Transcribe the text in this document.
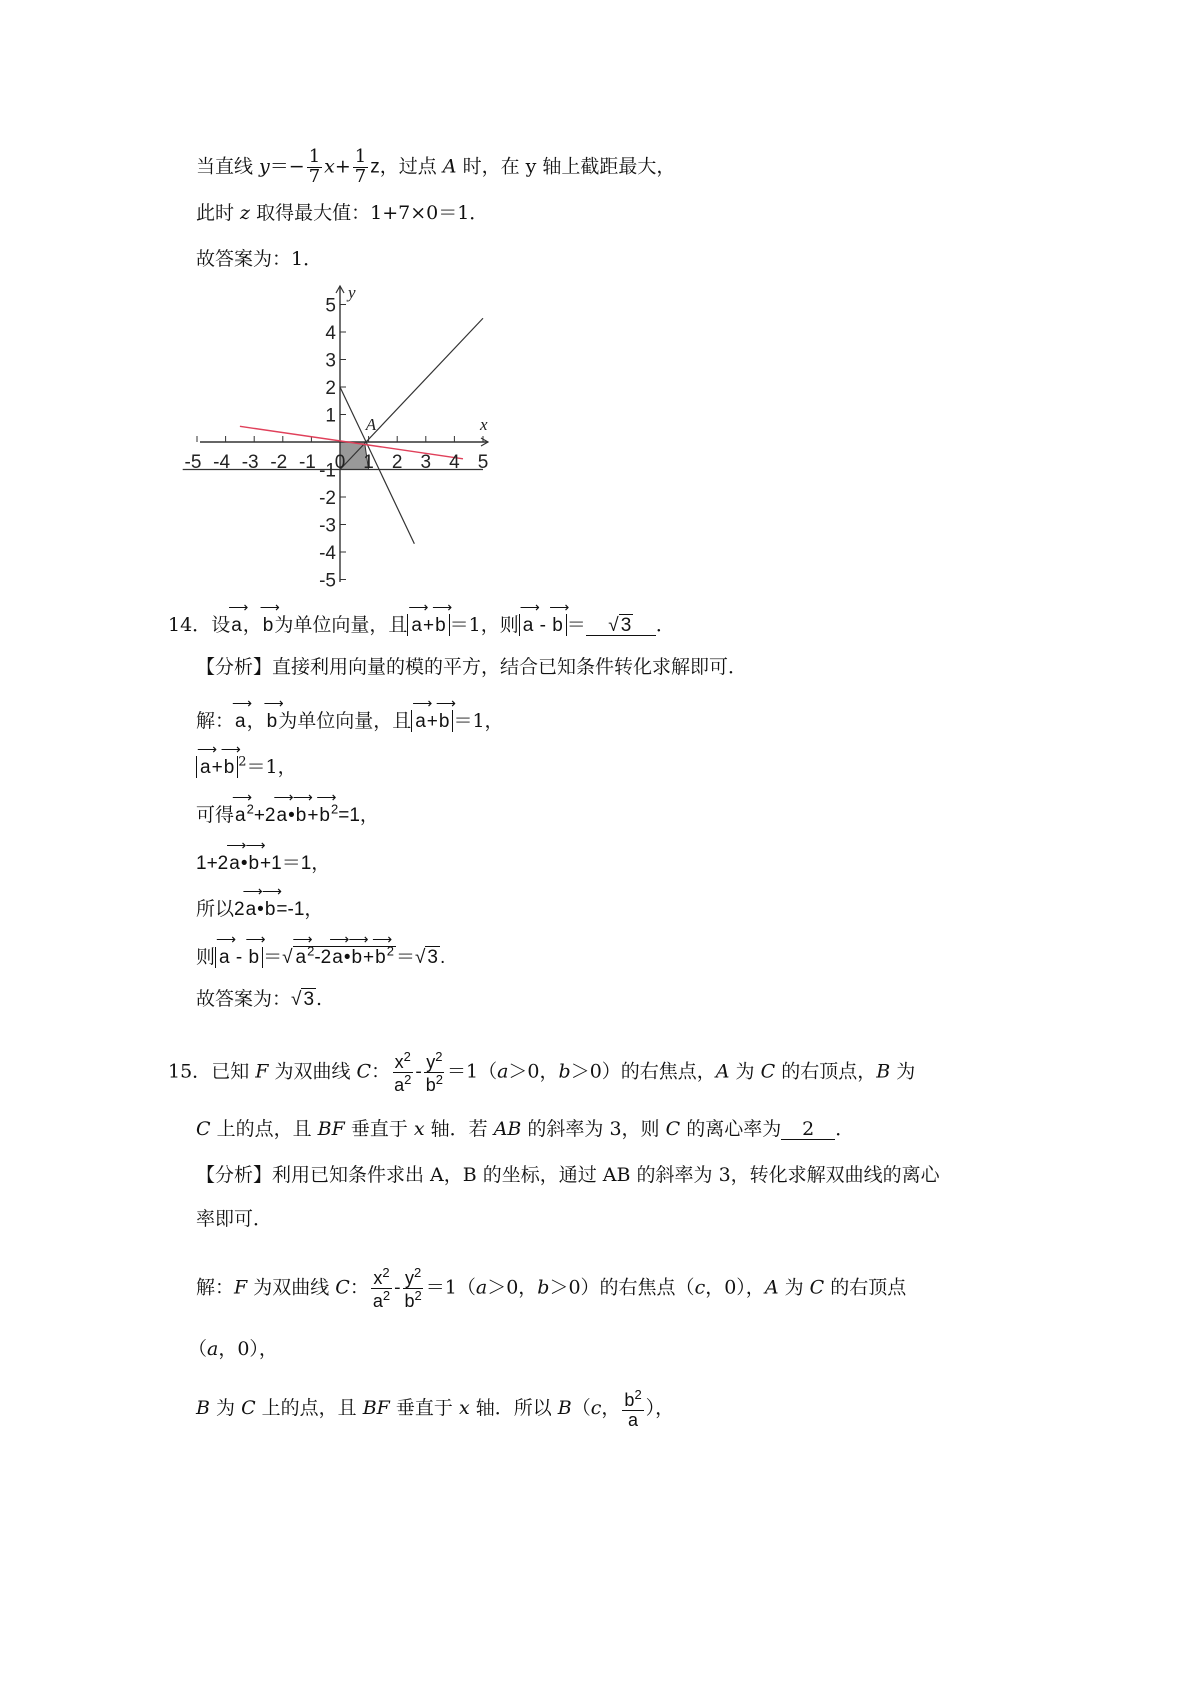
当直线 $y=- \frac{1}{7} x+ \frac{1}{7}$ z，过点 A 时，在 y 轴上截距最大，
此时 z 取得最大值：1+7×0＝1．
故答案为：1．
-5 -4 -3 -2 -1 0 1 2 3 4 5
5
4
3
2
1
-1
-2
-3
-4
-5
x
y
A
14．设⟶ a，⟶ b为单位向量，且 ⟶ a+⟶ b ＝1，则 ⟶ a - ⟶ b ＝ √ 3 ．
【分析】直接利用向量的模的平方，结合已知条件转化求解即可．
解：⟶ a，⟶ b为单位向量，且 ⟶ a+⟶ b ＝1，
⟶ a+⟶ b $^2$＝1，
可得⟶ $a^2+2⟶$ a•⟶ b+⟶ $b^2=1$，
1+2⟶ a•⟶ b+1＝1，
所以2⟶ a•⟶ b=-1，
则 ⟶ a - ⟶ b ＝√ ⟶ $a^2-2⟶$ a•⟶ b+⟶ $b^2$ ＝√ 3 .
故答案为：√ 3 .
15．已知 F 为双曲线 C： $\frac{x^2}{a^2} - \frac{y^2}{b^2} =1(a>0$，b＞0）的右焦点，A 为 C 的右顶点，B 为
C 上的点，且 BF 垂直于 x 轴．若 AB 的斜率为 3，则 C 的离心率为 2 ．
【分析】利用已知条件求出 A，B 的坐标，通过 AB 的斜率为 3，转化求解双曲线的离心
率即可．
解：F 为双曲线 C： $\frac{x^2}{a^2} - \frac{y^2}{b^2} =1(a>0$，b＞0）的右焦点（c，0），A 为 C 的右顶点
（a，0），
B 为 C 上的点，且 BF 垂直于 x 轴．所以 B（c， $\frac{b^2}{a}$ ），
